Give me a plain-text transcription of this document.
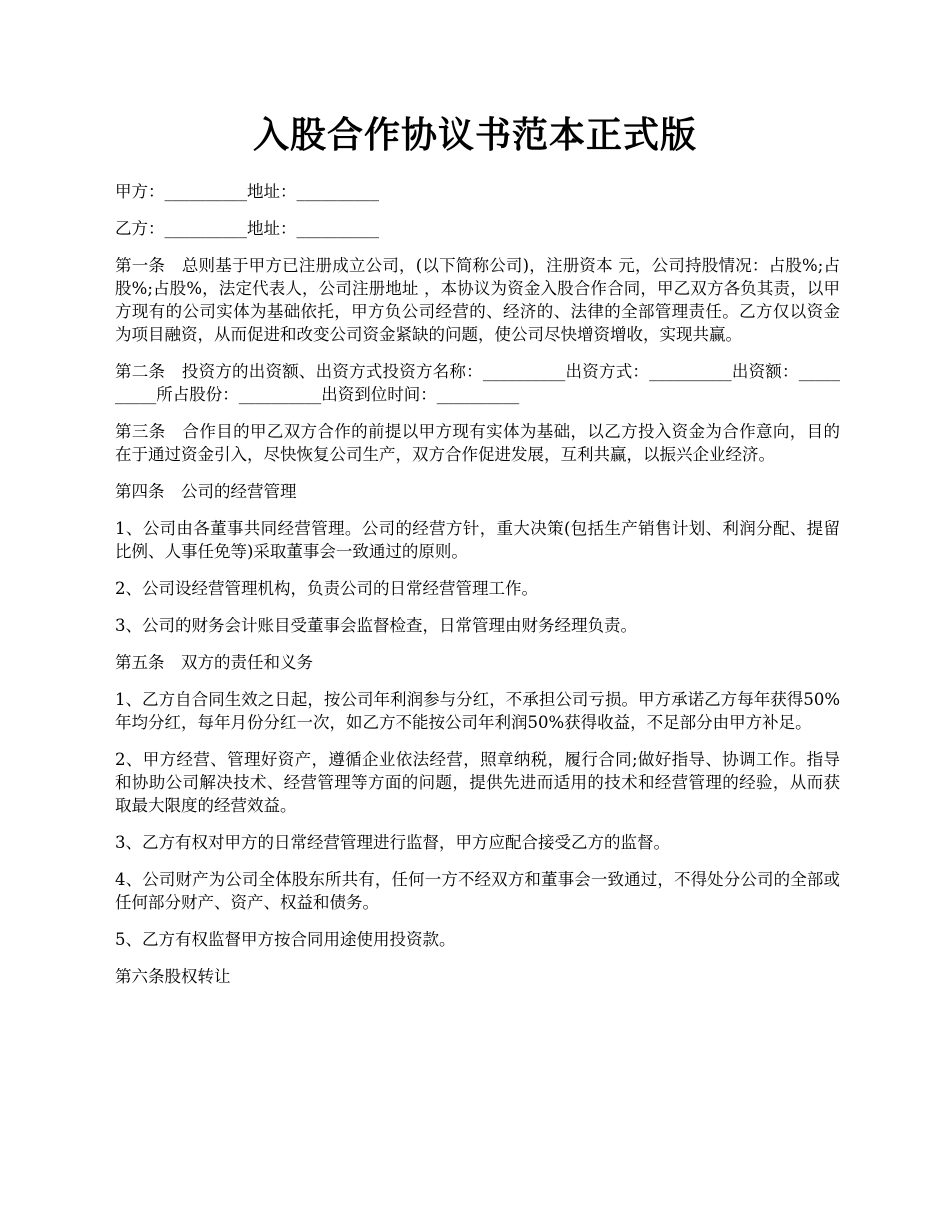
入股合作协议书范本正式版

甲方：__________地址：__________

乙方：__________地址：__________

第一条　总则基于甲方已注册成立公司，(以下简称公司)，注册资本 元，公司持股情况：占股%;占股%;占股%，法定代表人，公司注册地址 ，本协议为资金入股合作合同，甲乙双方各负其责，以甲方现有的公司实体为基础依托，甲方负公司经营的、经济的、法律的全部管理责任。乙方仅以资金为项目融资，从而促进和改变公司资金紧缺的问题，使公司尽快增资增收，实现共赢。

第二条　投资方的出资额、出资方式投资方名称：__________出资方式：__________出资额：__________所占股份：__________出资到位时间：__________

第三条　合作目的甲乙双方合作的前提以甲方现有实体为基础，以乙方投入资金为合作意向，目的在于通过资金引入，尽快恢复公司生产，双方合作促进发展，互利共赢，以振兴企业经济。

第四条　公司的经营管理

1、公司由各董事共同经营管理。公司的经营方针，重大决策(包括生产销售计划、利润分配、提留比例、人事任免等)采取董事会一致通过的原则。

2、公司设经营管理机构，负责公司的日常经营管理工作。

3、公司的财务会计账目受董事会监督检查，日常管理由财务经理负责。

第五条　双方的责任和义务

1、乙方自合同生效之日起，按公司年利润参与分红，不承担公司亏损。甲方承诺乙方每年获得50%年均分红，每年月份分红一次，如乙方不能按公司年利润50%获得收益，不足部分由甲方补足。

2、甲方经营、管理好资产，遵循企业依法经营，照章纳税，履行合同;做好指导、协调工作。指导和协助公司解决技术、经营管理等方面的问题，提供先进而适用的技术和经营管理的经验，从而获取最大限度的经营效益。

3、乙方有权对甲方的日常经营管理进行监督，甲方应配合接受乙方的监督。

4、公司财产为公司全体股东所共有，任何一方不经双方和董事会一致通过，不得处分公司的全部或任何部分财产、资产、权益和债务。

5、乙方有权监督甲方按合同用途使用投资款。

第六条股权转让
